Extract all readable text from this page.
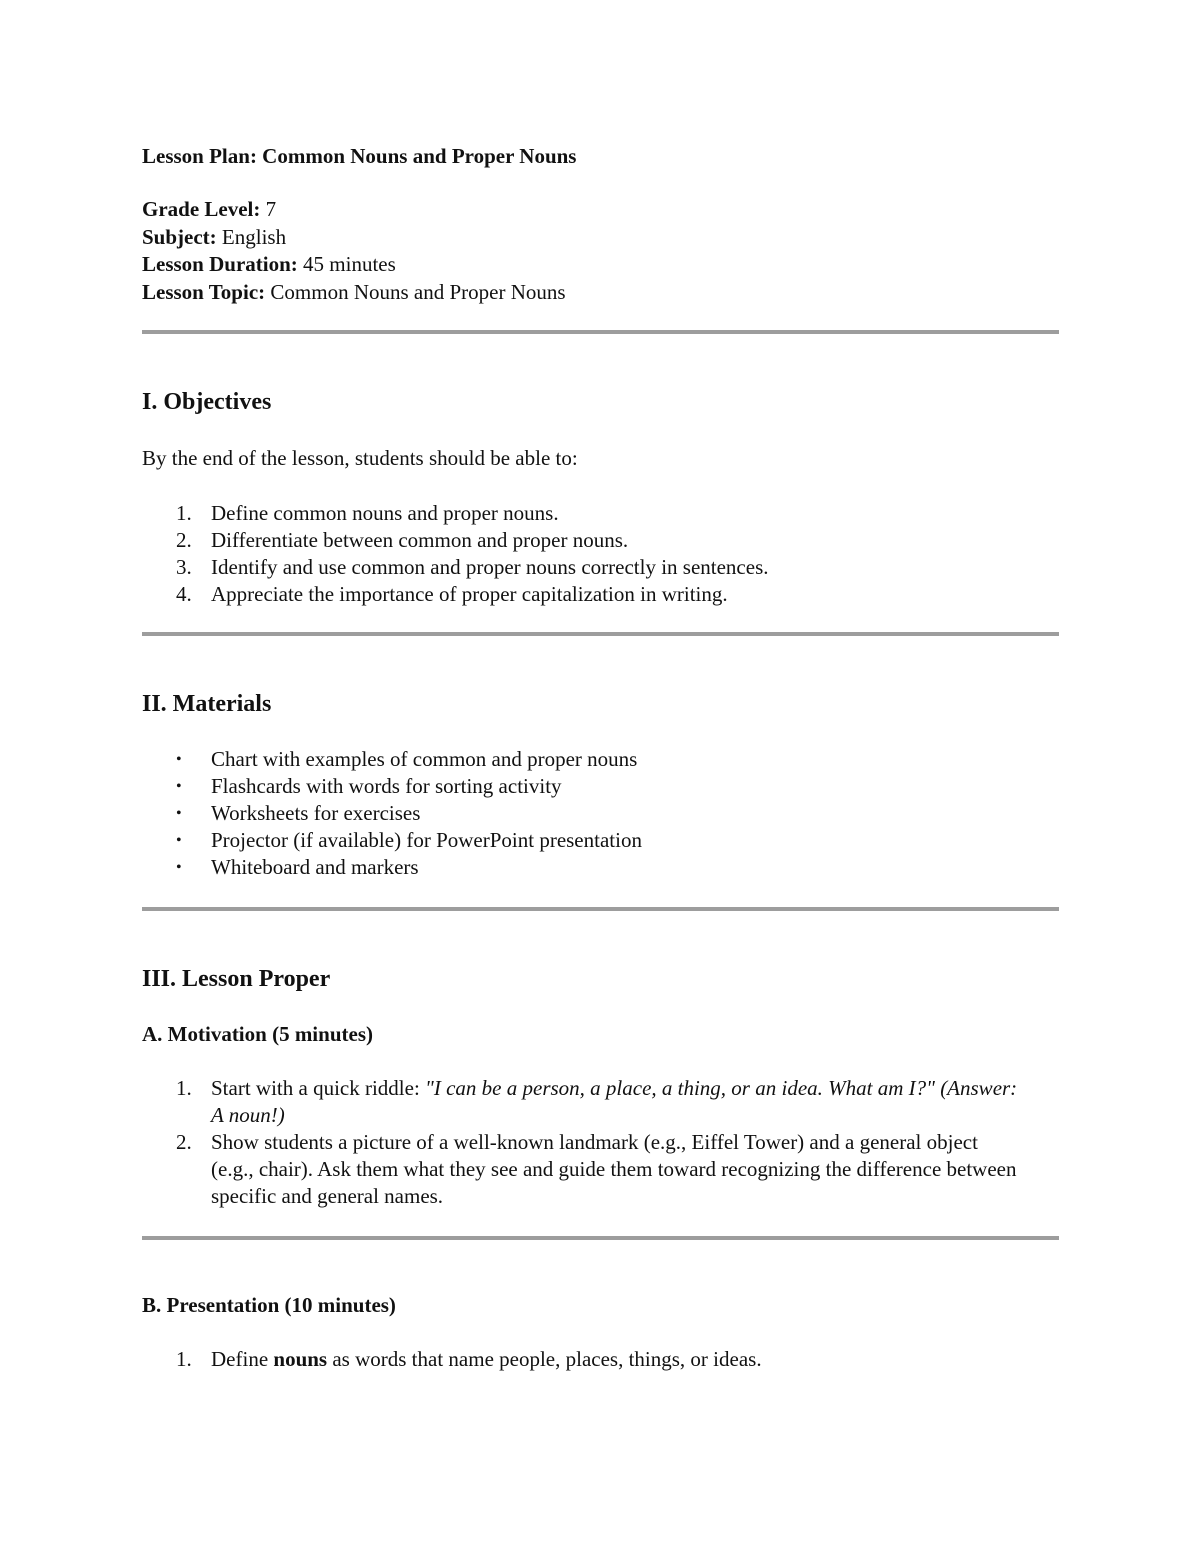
Lesson Plan: Common Nouns and Proper Nouns
Grade Level: 7
Subject: English
Lesson Duration: 45 minutes
Lesson Topic: Common Nouns and Proper Nouns
I. Objectives
By the end of the lesson, students should be able to:
1. Define common nouns and proper nouns.
2. Differentiate between common and proper nouns.
3. Identify and use common and proper nouns correctly in sentences.
4. Appreciate the importance of proper capitalization in writing.
II. Materials
• Chart with examples of common and proper nouns
• Flashcards with words for sorting activity
• Worksheets for exercises
• Projector (if available) for PowerPoint presentation
• Whiteboard and markers
III. Lesson Proper
A. Motivation (5 minutes)
1. Start with a quick riddle: "I can be a person, a place, a thing, or an idea. What am I?" (Answer: A noun!)
2. Show students a picture of a well-known landmark (e.g., Eiffel Tower) and a general object (e.g., chair). Ask them what they see and guide them toward recognizing the difference between specific and general names.
B. Presentation (10 minutes)
1. Define nouns as words that name people, places, things, or ideas.
